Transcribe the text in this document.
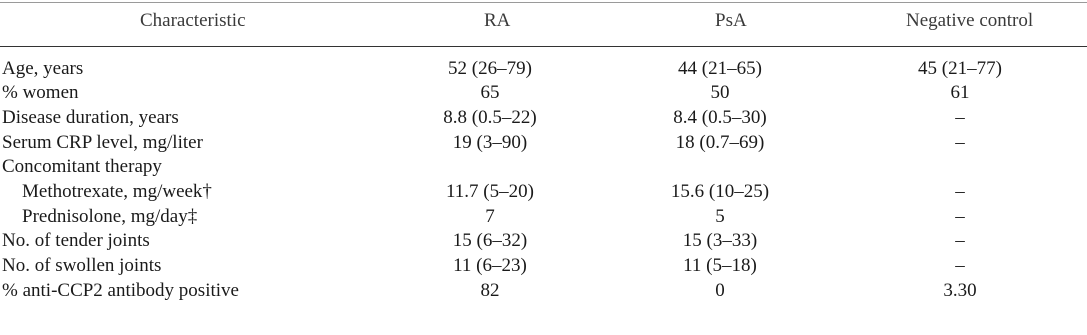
Characteristic	RA	PsA	Negative control
Age, years	52 (26–79)	44 (21–65)	45 (21–77)
% women	65	50	61
Disease duration, years	8.8 (0.5–22)	8.4 (0.5–30)	–
Serum CRP level, mg/liter	19 (3–90)	18 (0.7–69)	–
Concomitant therapy
Methotrexate, mg/week†	11.7 (5–20)	15.6 (10–25)	–
Prednisolone, mg/day‡	7	5	–
No. of tender joints	15 (6–32)	15 (3–33)	–
No. of swollen joints	11 (6–23)	11 (5–18)	–
% anti-CCP2 antibody positive	82	0	3.30
